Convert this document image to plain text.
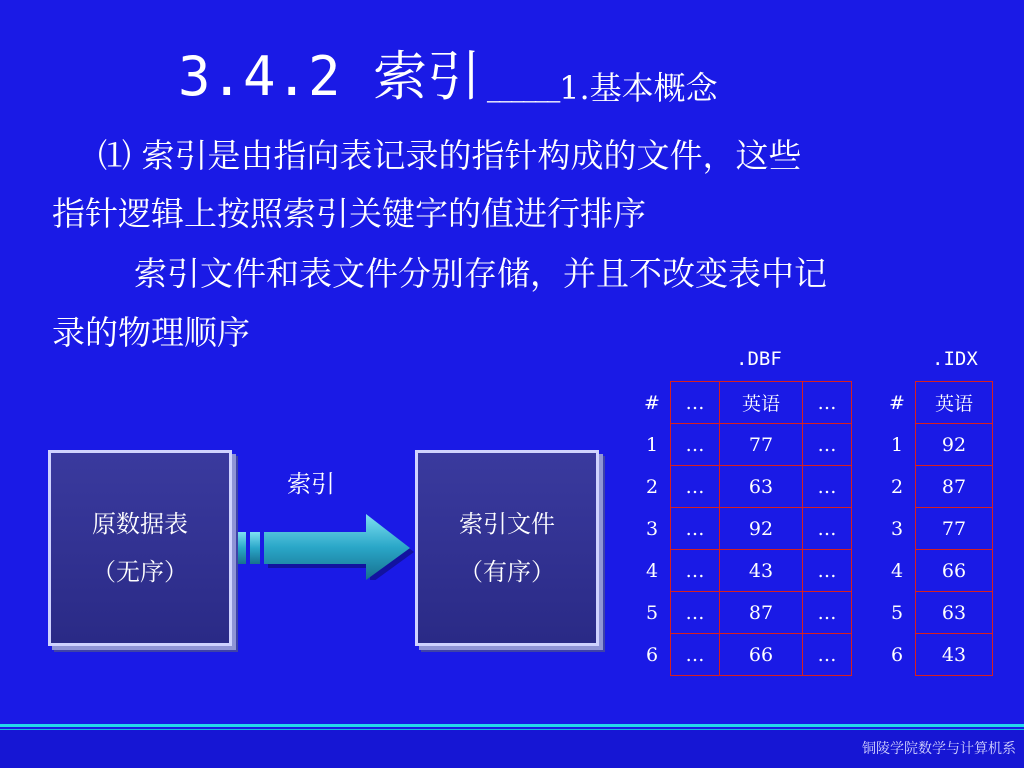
3.4.2 索引 ______ 1.基本概念
⑴ 索引是由指向表记录的指针构成的文件，这些
指针逻辑上按照索引关键字的值进行排序
索引文件和表文件分别存储，并且不改变表中记
录的物理顺序
原数据表
（无序）
索引
索引文件
（有序）
.DBF
#	…	英语	…
1	…	77	…
2	…	63	…
3	…	92	…
4	…	43	…
5	…	87	…
6	…	66	…
.IDX
#	英语
1	92
2	87
3	77
4	66
5	63
6	43
铜陵学院数学与计算机系
